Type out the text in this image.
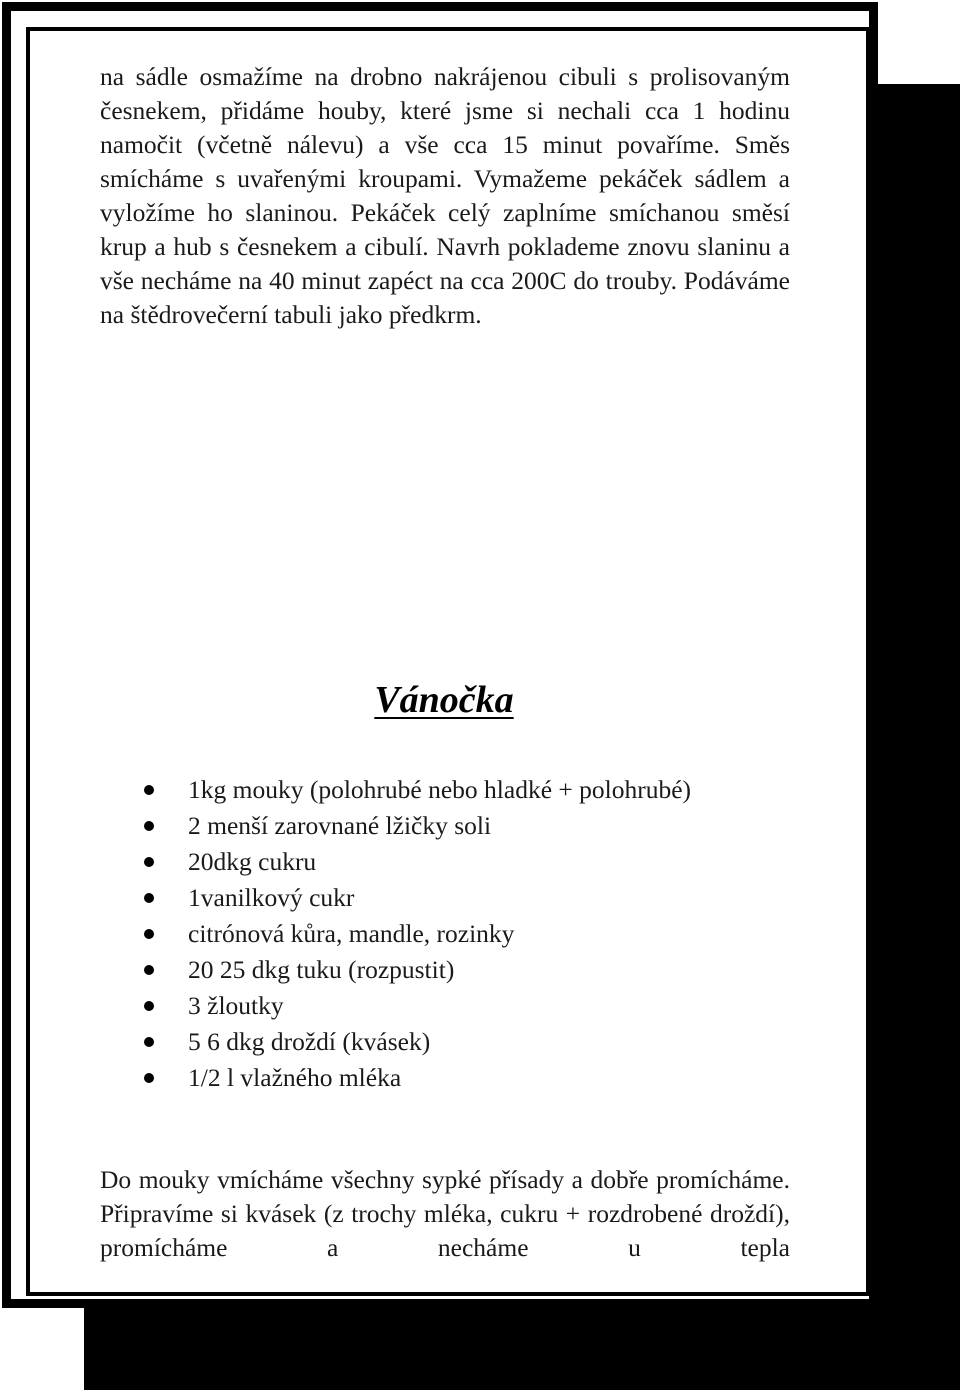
na sádle osmažíme na drobno nakrájenou cibuli s prolisovaným česnekem, přidáme houby, které jsme si nechali cca 1 hodinu namočit (včetně nálevu) a vše cca 15 minut povaříme. Směs smícháme s uvařenými kroupami. Vymažeme pekáček sádlem a vyložíme ho slaninou. Pekáček celý zaplníme smíchanou směsí krup a hub s česnekem a cibulí. Navrh poklademe znovu slaninu a vše necháme na 40 minut zapéct na cca 200C do trouby. Podáváme na štědrovečerní tabuli jako předkrm.

Vánočka
1kg mouky (polohrubé nebo hladké + polohrubé)
2 menší zarovnané lžičky soli
20dkg cukru
1vanilkový cukr
citrónová kůra, mandle, rozinky
20 25 dkg tuku (rozpustit)
3 žloutky
5 6 dkg droždí (kvásek)
1/2 l vlažného mléka

Do mouky vmícháme všechny sypké přísady a dobře promícháme. Připravíme si kvásek (z trochy mléka, cukru + rozdrobené droždí), promícháme a necháme u tepla
